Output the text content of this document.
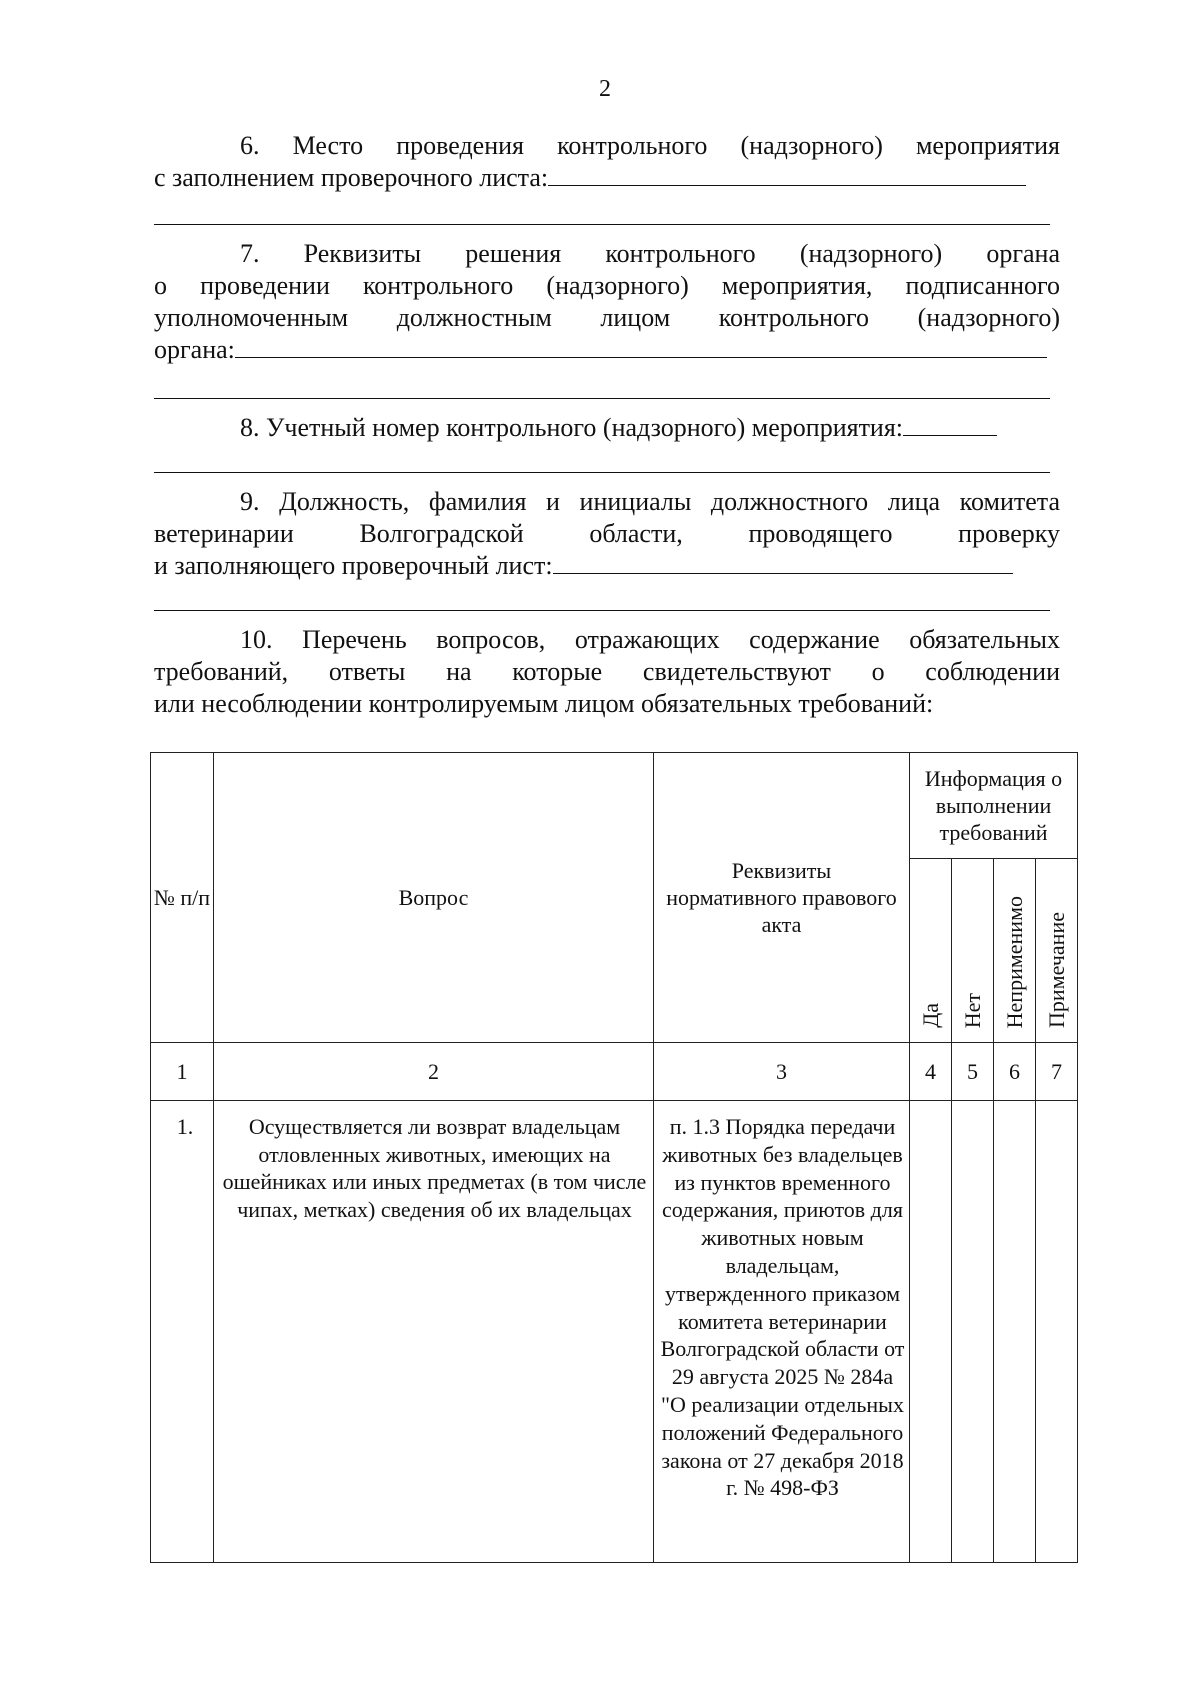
2
6. Место проведения контрольного (надзорного) мероприятия
с заполнением проверочного листа:
7. Реквизиты решения контрольного (надзорного) органа
о проведении контрольного (надзорного) мероприятия, подписанного
уполномоченным должностным лицом контрольного (надзорного)
органа:
8. Учетный номер контрольного (надзорного) мероприятия:
9. Должность, фамилия и инициалы должностного лица комитета
ветеринарии Волгоградской области, проводящего проверку
и заполняющего проверочный лист:
10. Перечень вопросов, отражающих содержание обязательных
требований, ответы на которые свидетельствуют о соблюдении
или несоблюдении контролируемым лицом обязательных требований:
№ п/п	Вопрос	Реквизиты нормативного правового акта	Информация о выполнении требований			
			Да	Нет	Неприменимо	Примечание
1	2	3	4	5	6	7
1.	Осуществляется ли возврат владельцам отловленных животных, имеющих на ошейниках или иных предметах (в том числе чипах, метках) сведения об их владельцах	п. 1.3 Порядка передачи животных без владельцев из пунктов временного содержания, приютов для животных новым владельцам, утвержденного приказом комитета ветеринарии Волгоградской области от 29 августа 2025 № 284а "О реализации отдельных положений Федерального закона от 27 декабря 2018 г. № 498-ФЗ				
